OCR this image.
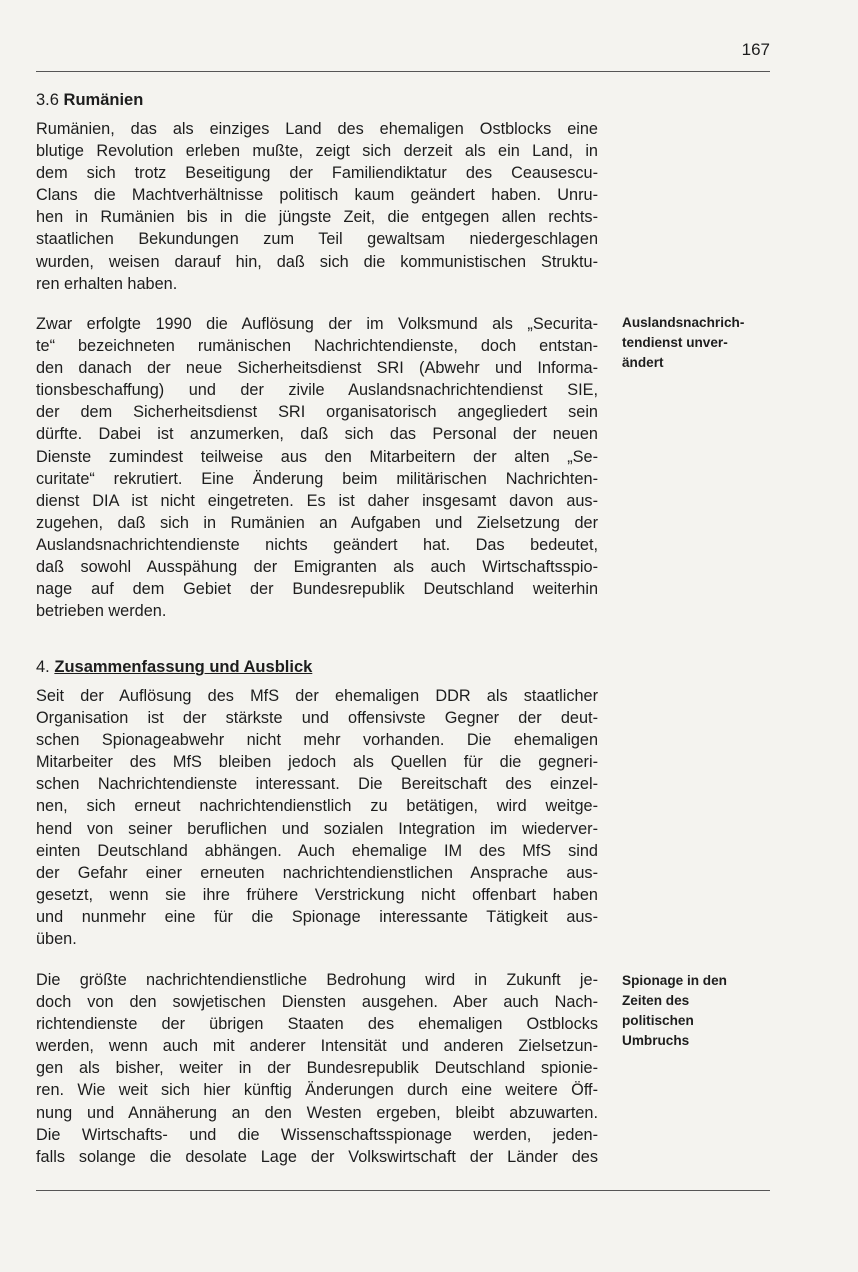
167
3.6 Rumänien

Rumänien, das als einziges Land des ehemaligen Ostblocks eine
blutige Revolution erleben mußte, zeigt sich derzeit als ein Land, in
dem sich trotz Beseitigung der Familiendiktatur des Ceausescu-
Clans die Machtverhältnisse politisch kaum geändert haben. Unru-
hen in Rumänien bis in die jüngste Zeit, die entgegen allen rechts-
staatlichen Bekundungen zum Teil gewaltsam niedergeschlagen
wurden, weisen darauf hin, daß sich die kommunistischen Struktu-
ren erhalten haben.

Zwar erfolgte 1990 die Auflösung der im Volksmund als „Securita-
te“ bezeichneten rumänischen Nachrichtendienste, doch entstan-
den danach der neue Sicherheitsdienst SRI (Abwehr und Informa-
tionsbeschaffung) und der zivile Auslandsnachrichtendienst SIE,
der dem Sicherheitsdienst SRI organisatorisch angegliedert sein
dürfte. Dabei ist anzumerken, daß sich das Personal der neuen
Dienste zumindest teilweise aus den Mitarbeitern der alten „Se-
curitate“ rekrutiert. Eine Änderung beim militärischen Nachrichten-
dienst DIA ist nicht eingetreten. Es ist daher insgesamt davon aus-
zugehen, daß sich in Rumänien an Aufgaben und Zielsetzung der
Auslandsnachrichtendienste nichts geändert hat. Das bedeutet,
daß sowohl Ausspähung der Emigranten als auch Wirtschaftsspio-
nage auf dem Gebiet der Bundesrepublik Deutschland weiterhin
betrieben werden.

Auslandsnachrich-
tendienst unver-
ändert
4. Zusammenfassung und Ausblick

Seit der Auflösung des MfS der ehemaligen DDR als staatlicher
Organisation ist der stärkste und offensivste Gegner der deut-
schen Spionageabwehr nicht mehr vorhanden. Die ehemaligen
Mitarbeiter des MfS bleiben jedoch als Quellen für die gegneri-
schen Nachrichtendienste interessant. Die Bereitschaft des einzel-
nen, sich erneut nachrichtendienstlich zu betätigen, wird weitge-
hend von seiner beruflichen und sozialen Integration im wiederver-
einten Deutschland abhängen. Auch ehemalige IM des MfS sind
der Gefahr einer erneuten nachrichtendienstlichen Ansprache aus-
gesetzt, wenn sie ihre frühere Verstrickung nicht offenbart haben
und nunmehr eine für die Spionage interessante Tätigkeit aus-
üben.

Die größte nachrichtendienstliche Bedrohung wird in Zukunft je-
doch von den sowjetischen Diensten ausgehen. Aber auch Nach-
richtendienste der übrigen Staaten des ehemaligen Ostblocks
werden, wenn auch mit anderer Intensität und anderen Zielsetzun-
gen als bisher, weiter in der Bundesrepublik Deutschland spionie-
ren. Wie weit sich hier künftig Änderungen durch eine weitere Öff-
nung und Annäherung an den Westen ergeben, bleibt abzuwarten.
Die Wirtschafts- und die Wissenschaftsspionage werden, jeden-
falls solange die desolate Lage der Volkswirtschaft der Länder des

Spionage in den
Zeiten des
politischen
Umbruchs
